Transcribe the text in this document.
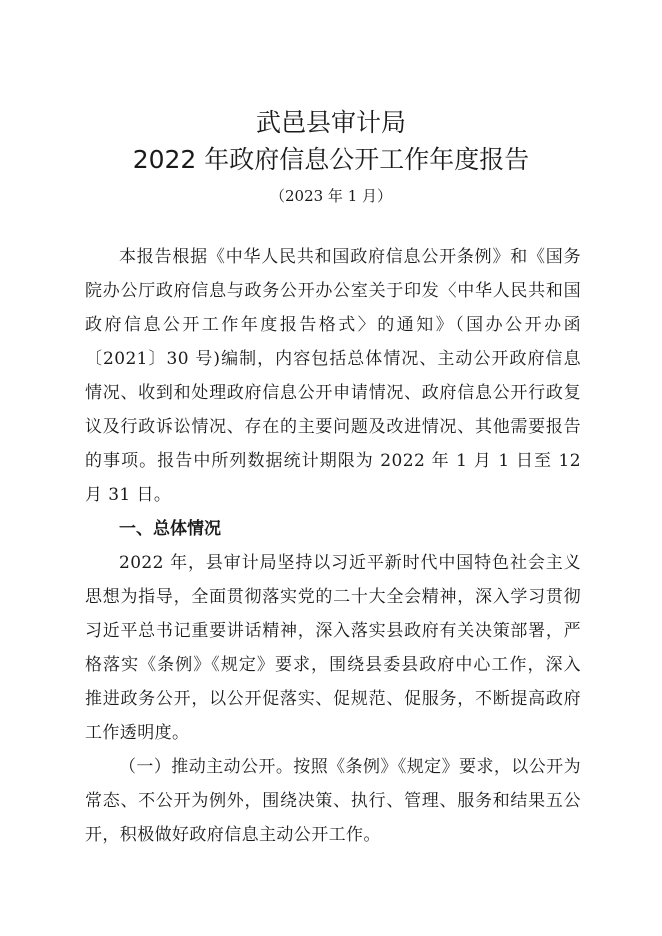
武邑县审计局
2022 年政府信息公开工作年度报告
（2023 年 1 月）

本报告根据《中华人民共和国政府信息公开条例》和《国务院办公厅政府信息与政务公开办公室关于印发〈中华人民共和国政府信息公开工作年度报告格式〉的通知》（国办公开办函〔2021〕30 号)编制，内容包括总体情况、主动公开政府信息情况、收到和处理政府信息公开申请情况、政府信息公开行政复议及行政诉讼情况、存在的主要问题及改进情况、其他需要报告的事项。报告中所列数据统计期限为 2022 年 1 月 1 日至 12 月 31 日。

一、总体情况

2022 年，县审计局坚持以习近平新时代中国特色社会主义思想为指导，全面贯彻落实党的二十大全会精神，深入学习贯彻习近平总书记重要讲话精神，深入落实县政府有关决策部署，严格落实《条例》《规定》要求，围绕县委县政府中心工作，深入推进政务公开，以公开促落实、促规范、促服务，不断提高政府工作透明度。

（一）推动主动公开。按照《条例》《规定》要求，以公开为常态、不公开为例外，围绕决策、执行、管理、服务和结果五公开，积极做好政府信息主动公开工作。
